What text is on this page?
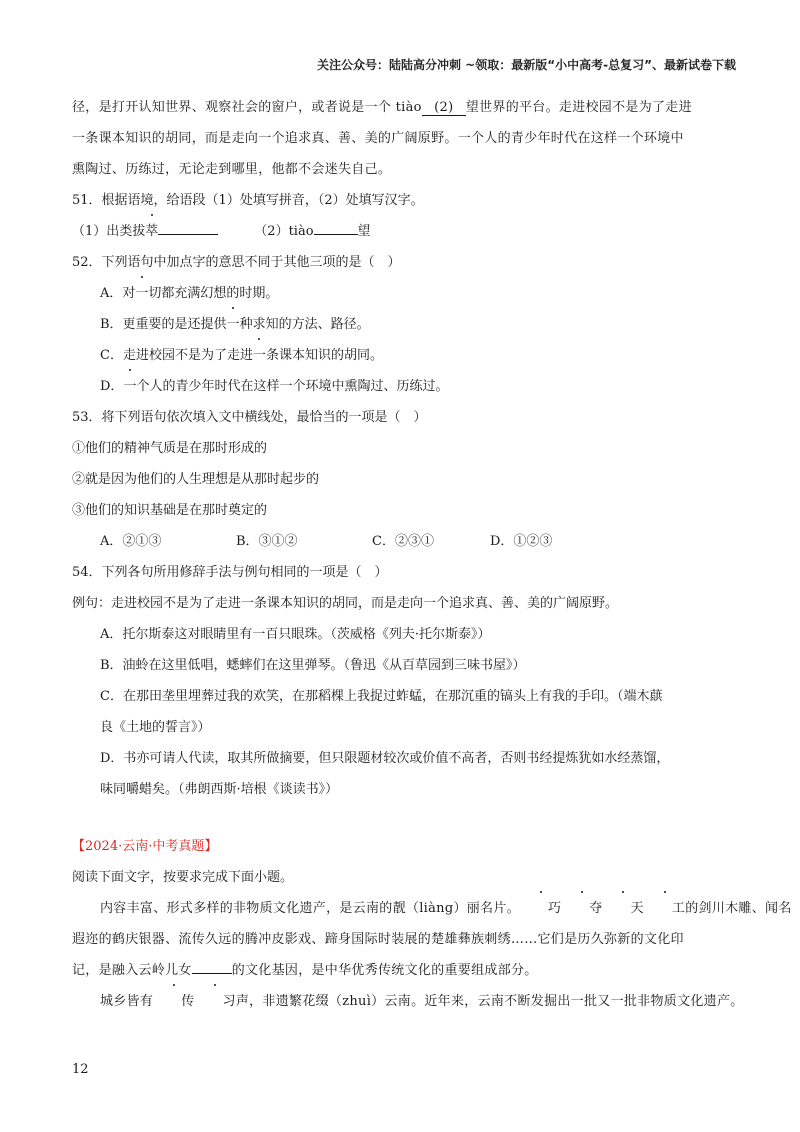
关注公众号：陆陆高分冲刺 ~领取：最新版“小中高考-总复习”、最新试卷下载

径，是打开认知世界、观察社会的窗户，或者说是一个 tiào (2) 望世界的平台。走进校园不是为了走进

一条课本知识的胡同，而是走向一个追求真、善、美的广阔原野。一个人的青少年时代在这样一个环境中

熏陶过、历练过，无论走到哪里，他都不会迷失自己。

51．根据语境，给语段（1）处填写拼音，（2）处填写汉字。

（1）出类拔萃	（2）tiào	望

52．下列语句中加点字的意思不同于其他三项的是（　）

A．对一切都充满幻想的时期。

B．更重要的是还提供一种求知的方法、路径。

C．走进校园不是为了走进一条课本知识的胡同。

D．一个人的青少年时代在这样一个环境中熏陶过、历练过。

53．将下列语句依次填入文中横线处，最恰当的一项是（　）

①他们的精神气质是在那时形成的

②就是因为他们的人生理想是从那时起步的

③他们的知识基础是在那时奠定的

A．②①③	B．③①②	C．②③①	D．①②③

54．下列各句所用修辞手法与例句相同的一项是（　）

例句：走进校园不是为了走进一条课本知识的胡同，而是走向一个追求真、善、美的广阔原野。

A．托尔斯泰这对眼睛里有一百只眼珠。（茨威格《列夫·托尔斯泰》）

B．油蛉在这里低唱，蟋蟀们在这里弹琴。（鲁迅《从百草园到三味书屋》）

C．在那田垄里埋葬过我的欢笑，在那稻棵上我捉过蚱蜢，在那沉重的镐头上有我的手印。（端木蕻

良《土地的誓言》）

D．书亦可请人代读，取其所做摘要，但只限题材较次或价值不高者，否则书经提炼犹如水经蒸馏，

味同嚼蜡矣。（弗朗西斯·培根《谈读书》）

【2024·云南·中考真题】

阅读下面文字，按要求完成下面小题。

内容丰富、形式多样的非物质文化遗产，是云南的靓（liàng）丽名片。 巧 夺 天 工的剑川木雕、闻名

遐迩的鹤庆银器、流传久远的腾冲皮影戏、蹄身国际时装展的楚雄彝族刺绣……它们是历久弥新的文化印

记，是融入云岭儿女	的文化基因，是中华优秀传统文化的重要组成部分。

城乡皆有 传 习声，非遗繁花缀（zhuì）云南。近年来，云南不断发掘出一批又一批非物质文化遗产。

12
